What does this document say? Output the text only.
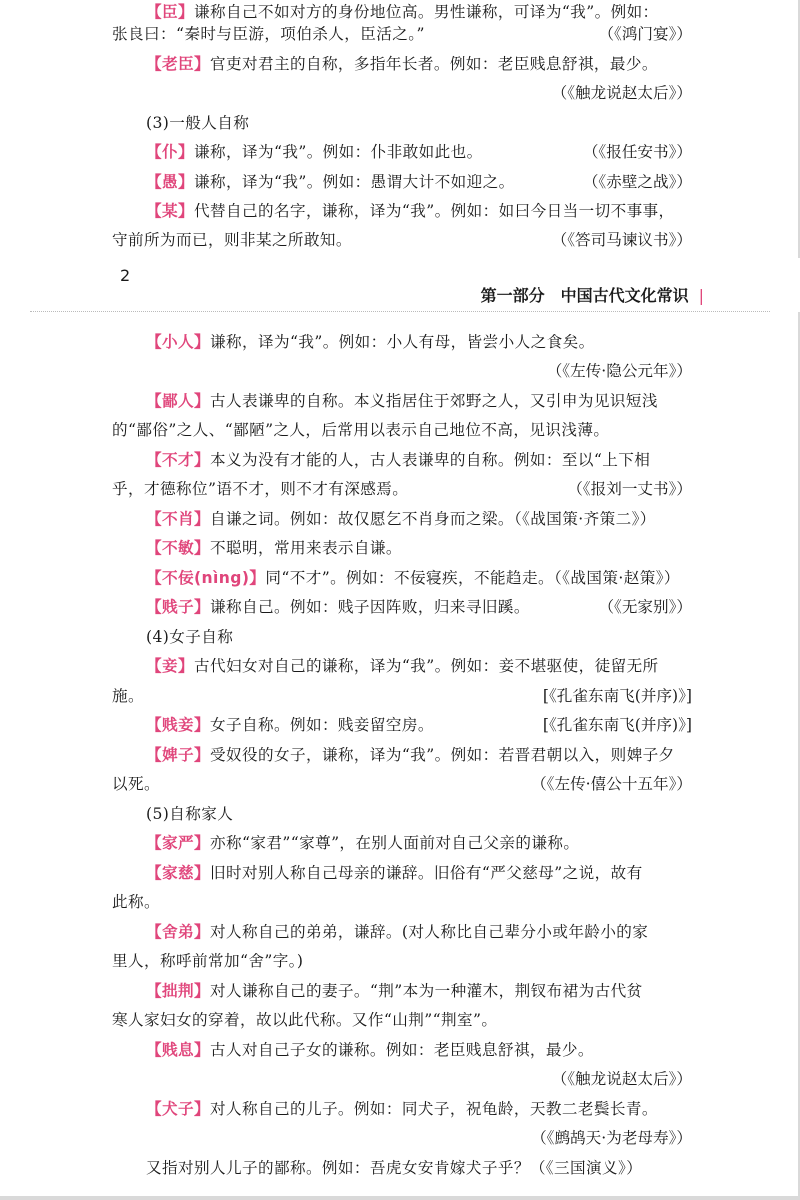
2
第一部分　中国古代文化常识 |
【臣】谦称自己不如对方的身份地位高。男性谦称，可译为“我”。例如：
张良曰：“秦时与臣游，项伯杀人，臣活之。”	（《鸿门宴》）
【老臣】官吏对君主的自称，多指年长者。例如：老臣贱息舒祺，最少。
（《触龙说赵太后》）
(3)一般人自称
【仆】谦称，译为“我”。例如：仆非敢如此也。	（《报任安书》）
【愚】谦称，译为“我”。例如：愚谓大计不如迎之。	（《赤壁之战》）
【某】代替自己的名字，谦称，译为“我”。例如：如曰今日当一切不事事，
守前所为而已，则非某之所敢知。	（《答司马谏议书》）
【小人】谦称，译为“我”。例如：小人有母，皆尝小人之食矣。
（《左传·隐公元年》）
【鄙人】古人表谦卑的自称。本义指居住于郊野之人，又引申为见识短浅
的“鄙俗”之人、“鄙陋”之人，后常用以表示自己地位不高，见识浅薄。
【不才】本义为没有才能的人，古人表谦卑的自称。例如：至以“上下相
乎，才德称位”语不才，则不才有深感焉。	（《报刘一丈书》）
【不肖】自谦之词。例如：故仅愿乞不肖身而之梁。（《战国策·齐策二》）
【不敏】不聪明，常用来表示自谦。
【不佞(nìng)】同“不才”。例如：不佞寝疾，不能趋走。（《战国策·赵策》）
【贱子】谦称自己。例如：贱子因阵败，归来寻旧蹊。	（《无家别》）
(4)女子自称
【妾】古代妇女对自己的谦称，译为“我”。例如：妾不堪驱使，徒留无所
施。	[《孔雀东南飞(并序)》]
【贱妾】女子自称。例如：贱妾留空房。	[《孔雀东南飞(并序)》]
【婢子】受奴役的女子，谦称，译为“我”。例如：若晋君朝以入，则婢子夕
以死。	（《左传·僖公十五年》）
(5)自称家人
【家严】亦称“家君”“家尊”，在别人面前对自己父亲的谦称。
【家慈】旧时对别人称自己母亲的谦辞。旧俗有“严父慈母”之说，故有
此称。
【舍弟】对人称自己的弟弟，谦辞。(对人称比自己辈分小或年龄小的家
里人，称呼前常加“舍”字。)
【拙荆】对人谦称自己的妻子。“荆”本为一种灌木，荆钗布裙为古代贫
寒人家妇女的穿着，故以此代称。又作“山荆”“荆室”。
【贱息】古人对自己子女的谦称。例如：老臣贱息舒祺，最少。
（《触龙说赵太后》）
【犬子】对人称自己的儿子。例如：同犬子，祝龟龄，天教二老鬓长青。
（《鹧鸪天·为老母寿》）
又指对别人儿子的鄙称。例如：吾虎女安肯嫁犬子乎？（《三国演义》）
